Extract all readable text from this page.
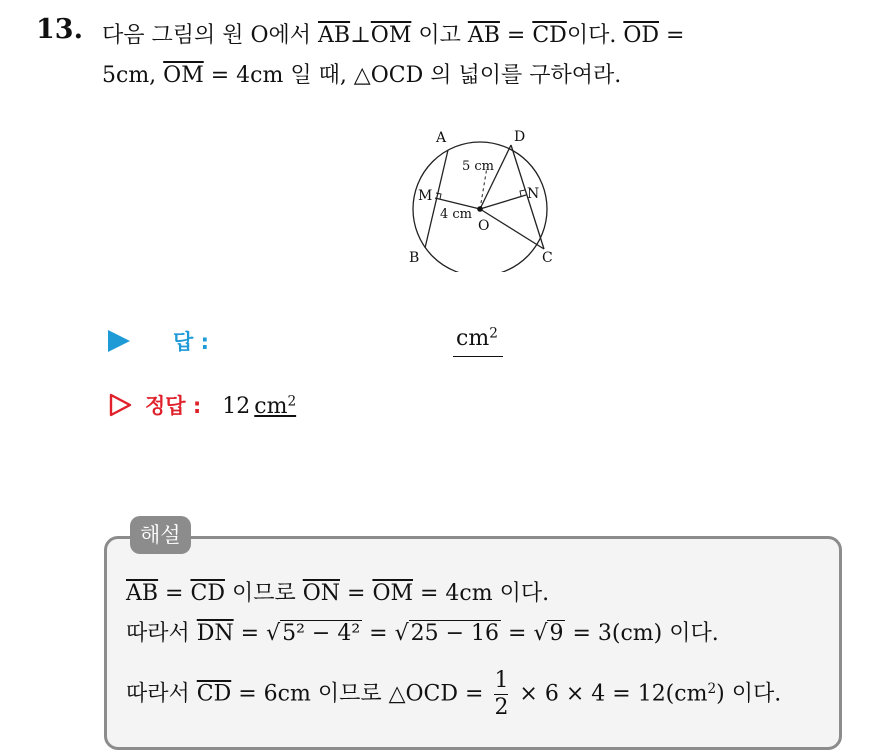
13. 다음 그림의 원 O에서 $\overline{AB}\perp\overline{OM}$ 이고 $\overline{AB} = \overline{CD}$이다. $\overline{OD}$ =
5cm, $\overline{OM} = 4cm$ 일 때, △OCD 의 넓이를 구하여라.
A	D
M	N
O
B	C
5 cm
4 cm
답 :	$cm^2$
정답 : 12 $cm^2$
해설
$\overline{AB} = \overline{CD}$ 이므로 $\overline{ON} = \overline{OM} = 4cm$ 이다.
따라서 $\overline{DN} = √5^2 - 4^2 = √25 - 16 = √9 = 3(cm)$ 이다.
따라서 $\overline{CD} = 6cm$ 이므로 △OCD = $\frac{1}{2} \times 6 \times 4 = 12(cm^2)$ 이다.
